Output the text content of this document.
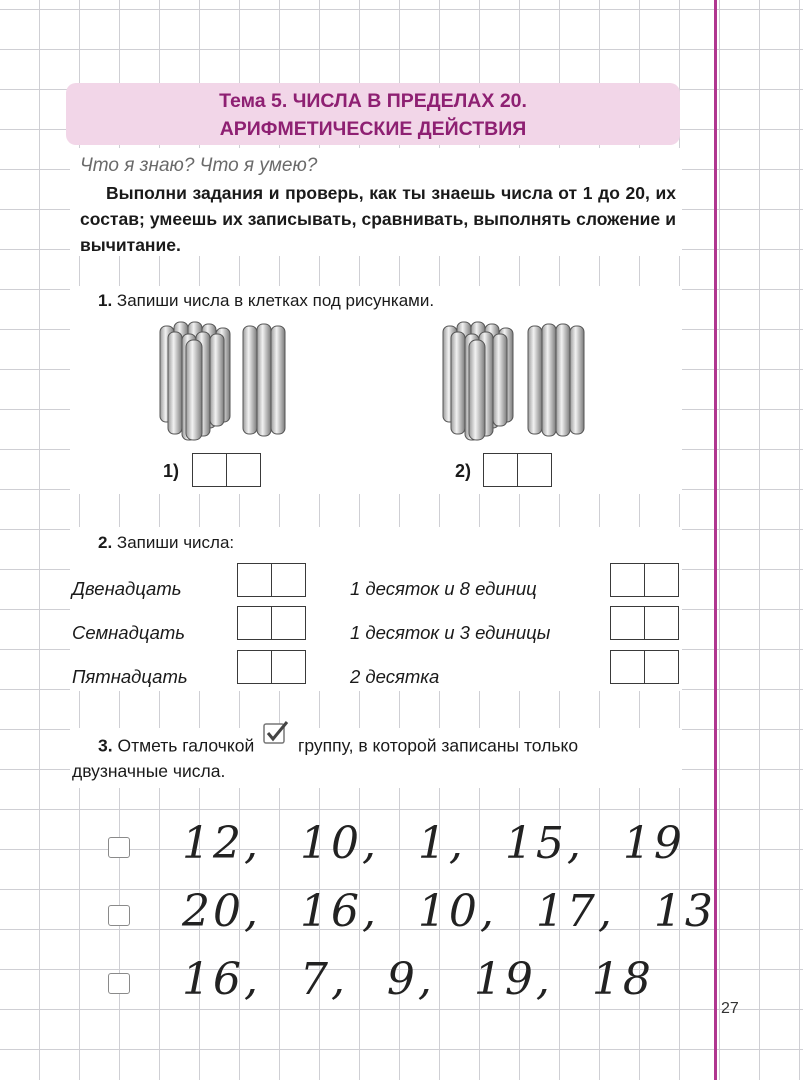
Тема 5. ЧИСЛА В ПРЕДЕЛАХ 20.
АРИФМЕТИЧЕСКИЕ ДЕЙСТВИЯ
Что я знаю? Что я умею?
Выполни задания и проверь, как ты знаешь числа от 1 до 20, их состав; умеешь их записывать, сравнивать, выполнять сложение и вычитание.
1. Запиши числа в клетках под рисунками.
1)	2)
2. Запиши числа:
Двенадцать
Семнадцать
Пятнадцать
1 десяток и 8 единиц
1 десяток и 3 единицы
2 десятка
3. Отметь галочкой	группу, в которой записаны только
двузначные числа.
12, 10, 1, 15, 19
20, 16, 10, 17, 13
16, 7, 9, 19, 18
27
